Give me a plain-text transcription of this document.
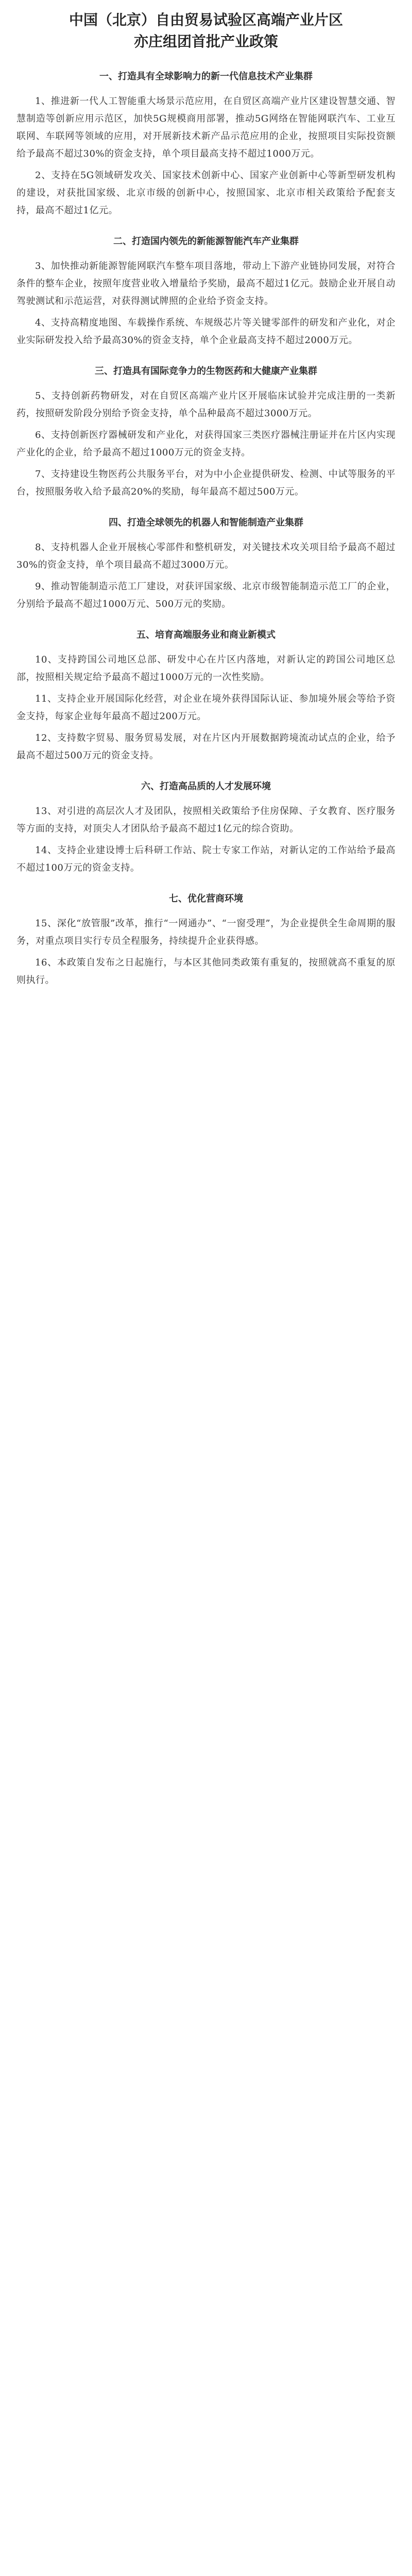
中国（北京）自由贸易试验区高端产业片区
亦庄组团首批产业政策
一、打造具有全球影响力的新一代信息技术产业集群
1、推进新一代人工智能重大场景示范应用，在自贸区高端产业片区建设智慧交通、智慧制造等创新应用示范区，加快5G规模商用部署，推动5G网络在智能网联汽车、工业互联网、车联网等领域的应用，对开展新技术新产品示范应用的企业，按照项目实际投资额给予最高不超过30%的资金支持，单个项目最高支持不超过1000万元。
2、支持在5G领域研发攻关、国家技术创新中心、国家产业创新中心等新型研发机构的建设，对获批国家级、北京市级的创新中心，按照国家、北京市相关政策给予配套支持，最高不超过1亿元。
二、打造国内领先的新能源智能汽车产业集群
3、加快推动新能源智能网联汽车整车项目落地，带动上下游产业链协同发展，对符合条件的整车企业，按照年度营业收入增量给予奖励，最高不超过1亿元。鼓励企业开展自动驾驶测试和示范运营，对获得测试牌照的企业给予资金支持。
4、支持高精度地图、车载操作系统、车规级芯片等关键零部件的研发和产业化，对企业实际研发投入给予最高30%的资金支持，单个企业最高支持不超过2000万元。
三、打造具有国际竞争力的生物医药和大健康产业集群
5、支持创新药物研发，对在自贸区高端产业片区开展临床试验并完成注册的一类新药，按照研发阶段分别给予资金支持，单个品种最高不超过3000万元。
6、支持创新医疗器械研发和产业化，对获得国家三类医疗器械注册证并在片区内实现产业化的企业，给予最高不超过1000万元的资金支持。
7、支持建设生物医药公共服务平台，对为中小企业提供研发、检测、中试等服务的平台，按照服务收入给予最高20%的奖励，每年最高不超过500万元。
四、打造全球领先的机器人和智能制造产业集群
8、支持机器人企业开展核心零部件和整机研发，对关键技术攻关项目给予最高不超过30%的资金支持，单个项目最高不超过3000万元。
9、推动智能制造示范工厂建设，对获评国家级、北京市级智能制造示范工厂的企业，分别给予最高不超过1000万元、500万元的奖励。
五、培育高端服务业和商业新模式
10、支持跨国公司地区总部、研发中心在片区内落地，对新认定的跨国公司地区总部，按照相关规定给予最高不超过1000万元的一次性奖励。
11、支持企业开展国际化经营，对企业在境外获得国际认证、参加境外展会等给予资金支持，每家企业每年最高不超过200万元。
12、支持数字贸易、服务贸易发展，对在片区内开展数据跨境流动试点的企业，给予最高不超过500万元的资金支持。
六、打造高品质的人才发展环境
13、对引进的高层次人才及团队，按照相关政策给予住房保障、子女教育、医疗服务等方面的支持，对顶尖人才团队给予最高不超过1亿元的综合资助。
14、支持企业建设博士后科研工作站、院士专家工作站，对新认定的工作站给予最高不超过100万元的资金支持。
七、优化营商环境
15、深化“放管服”改革，推行“一网通办”、“一窗受理”，为企业提供全生命周期的服务，对重点项目实行专员全程服务，持续提升企业获得感。
16、本政策自发布之日起施行，与本区其他同类政策有重复的，按照就高不重复的原则执行。
